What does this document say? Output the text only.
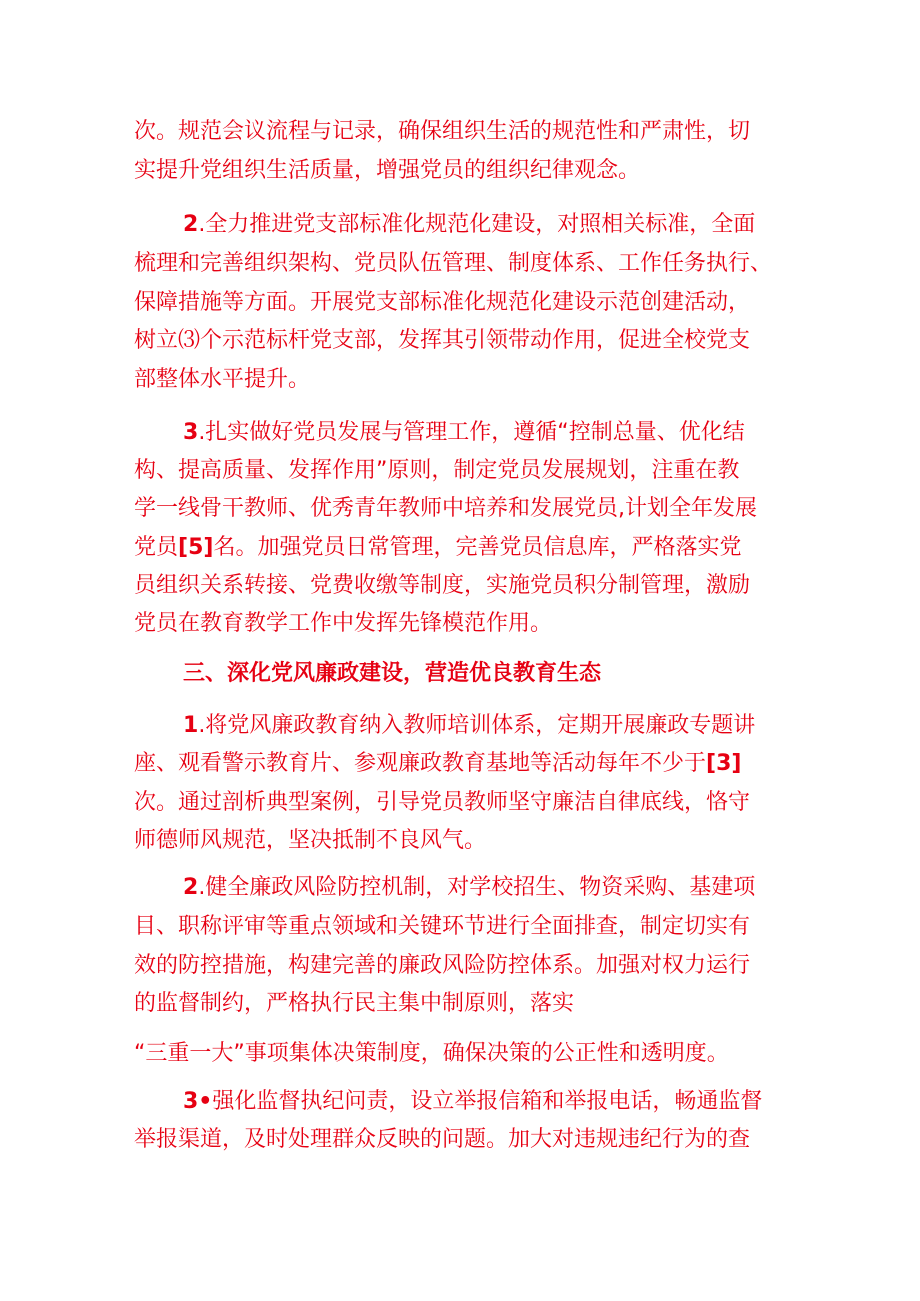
次。规范会议流程与记录，确保组织生活的规范性和严肃性，切
实提升党组织生活质量，增强党员的组织纪律观念。
2.全力推进党支部标准化规范化建设，对照相关标准，全面
梳理和完善组织架构、党员队伍管理、制度体系、工作任务执行、
保障措施等方面。开展党支部标准化规范化建设示范创建活动，
树立⑶个示范标杆党支部，发挥其引领带动作用，促进全校党支
部整体水平提升。
3.扎实做好党员发展与管理工作，遵循“控制总量、优化结
构、提高质量、发挥作用”原则，制定党员发展规划，注重在教
学一线骨干教师、优秀青年教师中培养和发展党员,计划全年发展
党员[5]名。加强党员日常管理，完善党员信息库，严格落实党
员组织关系转接、党费收缴等制度，实施党员积分制管理，激励
党员在教育教学工作中发挥先锋模范作用。
三、深化党风廉政建设，营造优良教育生态
1.将党风廉政教育纳入教师培训体系，定期开展廉政专题讲
座、观看警示教育片、参观廉政教育基地等活动每年不少于[3]
次。通过剖析典型案例，引导党员教师坚守廉洁自律底线，恪守
师德师风规范，坚决抵制不良风气。
2.健全廉政风险防控机制，对学校招生、物资采购、基建项
目、职称评审等重点领域和关键环节进行全面排查，制定切实有
效的防控措施，构建完善的廉政风险防控体系。加强对权力运行
的监督制约，严格执行民主集中制原则，落实
“三重一大”事项集体决策制度，确保决策的公正性和透明度。
3•强化监督执纪问责，设立举报信箱和举报电话，畅通监督
举报渠道，及时处理群众反映的问题。加大对违规违纪行为的查
